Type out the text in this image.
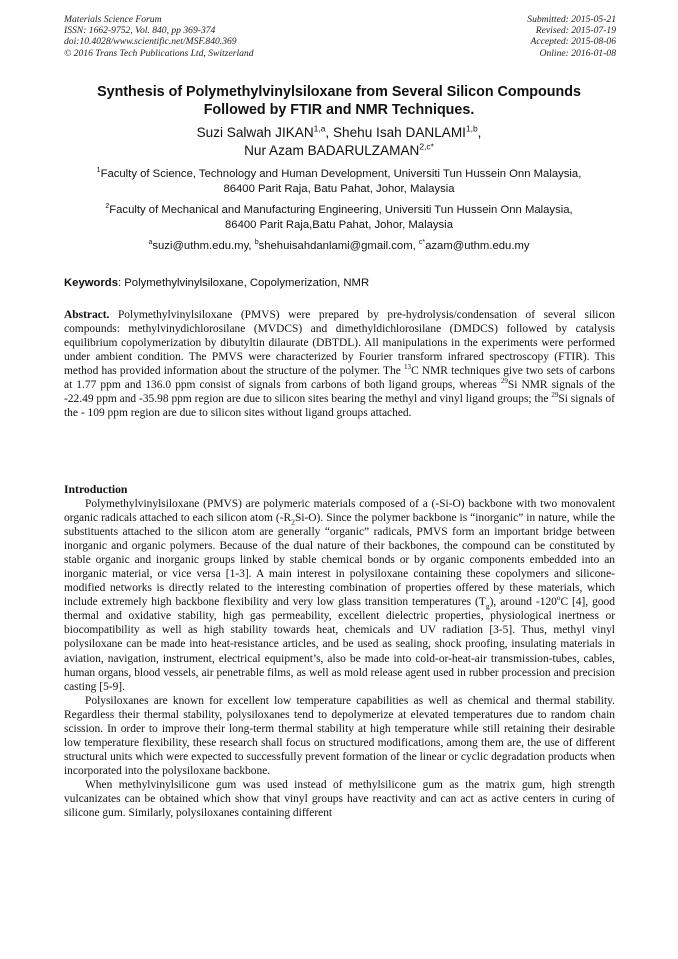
Materials Science Forum
ISSN: 1662-9752, Vol. 840, pp 369-374
doi:10.4028/www.scientific.net/MSF.840.369
© 2016 Trans Tech Publications Ltd, Switzerland
Submitted: 2015-05-21
Revised: 2015-07-19
Accepted: 2015-08-06
Online: 2016-01-08
Synthesis of Polymethylvinylsiloxane from Several Silicon Compounds
Followed by FTIR and NMR Techniques.
Suzi Salwah JIKAN$^{1,a}$, Shehu Isah DANLAMI$^{1,b}$,
Nur Azam $BADARULZAMAN^{2,c*}$
$^1$Faculty of Science, Technology and Human Development, Universiti Tun Hussein Onn Malaysia,
86400 Parit Raja, Batu Pahat, Johor, Malaysia
$^2$Faculty of Mechanical and Manufacturing Engineering, Universiti Tun Hussein Onn Malaysia,
86400 Parit Raja,Batu Pahat, Johor, Malaysia
$^a$suzi@uthm.edu.my, $^b$shehuisahdanlami@gmail.com, $^{c*}$azam@uthm.edu.my
Keywords: Polymethylvinylsiloxane, Copolymerization, NMR

Abstract. Polymethylvinylsiloxane (PMVS) were prepared by pre-hydrolysis/condensation of several silicon compounds: methylvinydichlorosilane (MVDCS) and dimethyldichlorosilane (DMDCS) followed by catalysis equilibrium copolymerization by dibutyltin dilaurate (DBTDL). All manipulations in the experiments were performed under ambient condition. The PMVS were characterized by Fourier transform infrared spectroscopy (FTIR). This method has provided information about the structure of the polymer. The $^{13}$C NMR techniques give two sets of carbons at 1.77 ppm and 136.0 ppm consist of signals from carbons of both ligand groups, whereas $^{29}$Si NMR signals of the -22.49 ppm and -35.98 ppm region are due to silicon sites bearing the methyl and vinyl ligand groups; the $^{29}$Si signals of the - 109 ppm region are due to silicon sites without ligand groups attached.

Introduction

Polymethylvinylsiloxane (PMVS) are polymeric materials composed of a (-Si-O) backbone with two monovalent organic radicals attached to each silicon atom $(-R_2Si-O)$. Since the polymer backbone is “inorganic” in nature, while the substituents attached to the silicon atom are generally “organic” radicals, PMVS form an important bridge between inorganic and organic polymers. Because of the dual nature of their backbones, the compound can be constituted by stable organic and inorganic groups linked by stable chemical bonds or by organic components embedded into an inorganic material, or vice versa [1-3]. A main interest in polysiloxane containing these copolymers and silicone-modified networks is directly related to the interesting combination of properties offered by these materials, which include extremely high backbone flexibility and very low glass transition temperatures $(T_g)$, around -120$^o$C [4], good thermal and oxidative stability, high gas permeability, excellent dielectric properties, physiological inertness or biocompatibility as well as high stability towards heat, chemicals and UV radiation [3-5]. Thus, methyl vinyl polysiloxane can be made into heat-resistance articles, and be used as sealing, shock proofing, insulating materials in aviation, navigation, instrument, electrical equipment’s, also be made into cold-or-heat-air transmission-tubes, cables, human organs, blood vessels, air penetrable films, as well as mold release agent used in rubber procession and precision casting [5-9].

Polysiloxanes are known for excellent low temperature capabilities as well as chemical and thermal stability. Regardless their thermal stability, polysiloxanes tend to depolymerize at elevated temperatures due to random chain scission. In order to improve their long-term thermal stability at high temperature while still retaining their desirable low temperature flexibility, these research shall focus on structured modifications, among them are, the use of different structural units which were expected to successfully prevent formation of the linear or cyclic degradation products when incorporated into the polysiloxane backbone.

When methylvinylsilicone gum was used instead of methylsilicone gum as the matrix gum, high strength vulcanizates can be obtained which show that vinyl groups have reactivity and can act as active centers in curing of silicone gum. Similarly, polysiloxanes containing different
